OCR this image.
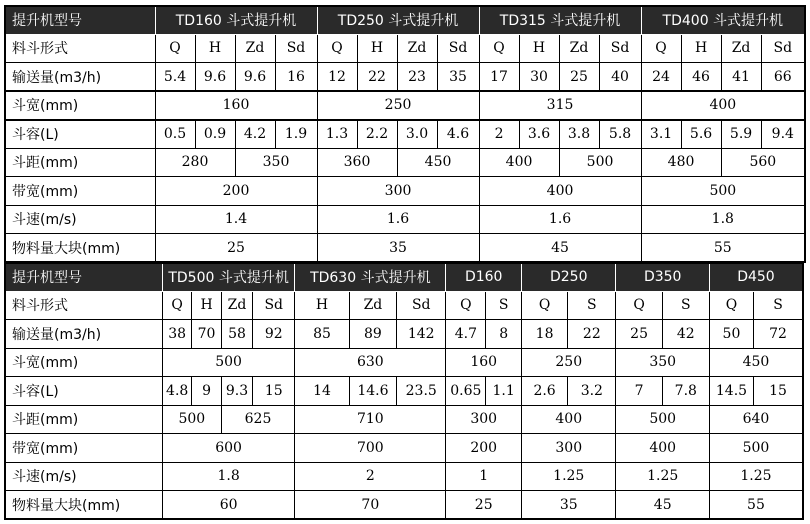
提升机型号	TD160 斗式提升机				TD250 斗式提升机				TD315 斗式提升机				TD400 斗式提升机			
料斗形式	Q	H	Zd	Sd	Q	H	Zd	Sd	Q	H	Zd	Sd	Q	H	Zd	Sd
输送量(m3/h)	5.4	9.6	9.6	16	12	22	23	35	17	30	25	40	24	46	41	66
斗宽(mm)	160				250				315				400			
斗容(L)	0.5	0.9	4.2	1.9	1.3	2.2	3.0	4.6	2	3.6	3.8	5.8	3.1	5.6	5.9	9.4
斗距(mm)	280		350		360		450		400		500		480		560	
带宽(mm)	200				300				400				500			
斗速(m/s)	1.4				1.6				1.6				1.8			
物料量大块(mm)	25				35				45				55			
提升机型号	TD500 斗式提升机				TD630 斗式提升机			D160		D250		D350		D450	
料斗形式	Q	H	Zd	Sd	H	Zd	Sd	Q	S	Q	S	Q	S	Q	S
输送量(m3/h)	38	70	58	92	85	89	142	4.7	8	18	22	25	42	50	72
斗宽(mm)	500				630			160		250		350		450	
斗容(L)	4.8	9	9.3	15	14	14.6	23.5	0.65	1.1	2.6	3.2	7	7.8	14.5	15
斗距(mm)	500		625		710			300		400		500		640	
带宽(mm)	600				700			200		300		400		500	
斗速(m/s)	1.8				2			1		1.25		1.25		1.25	
物料量大块(mm)	60				70			25		35		45		55	
